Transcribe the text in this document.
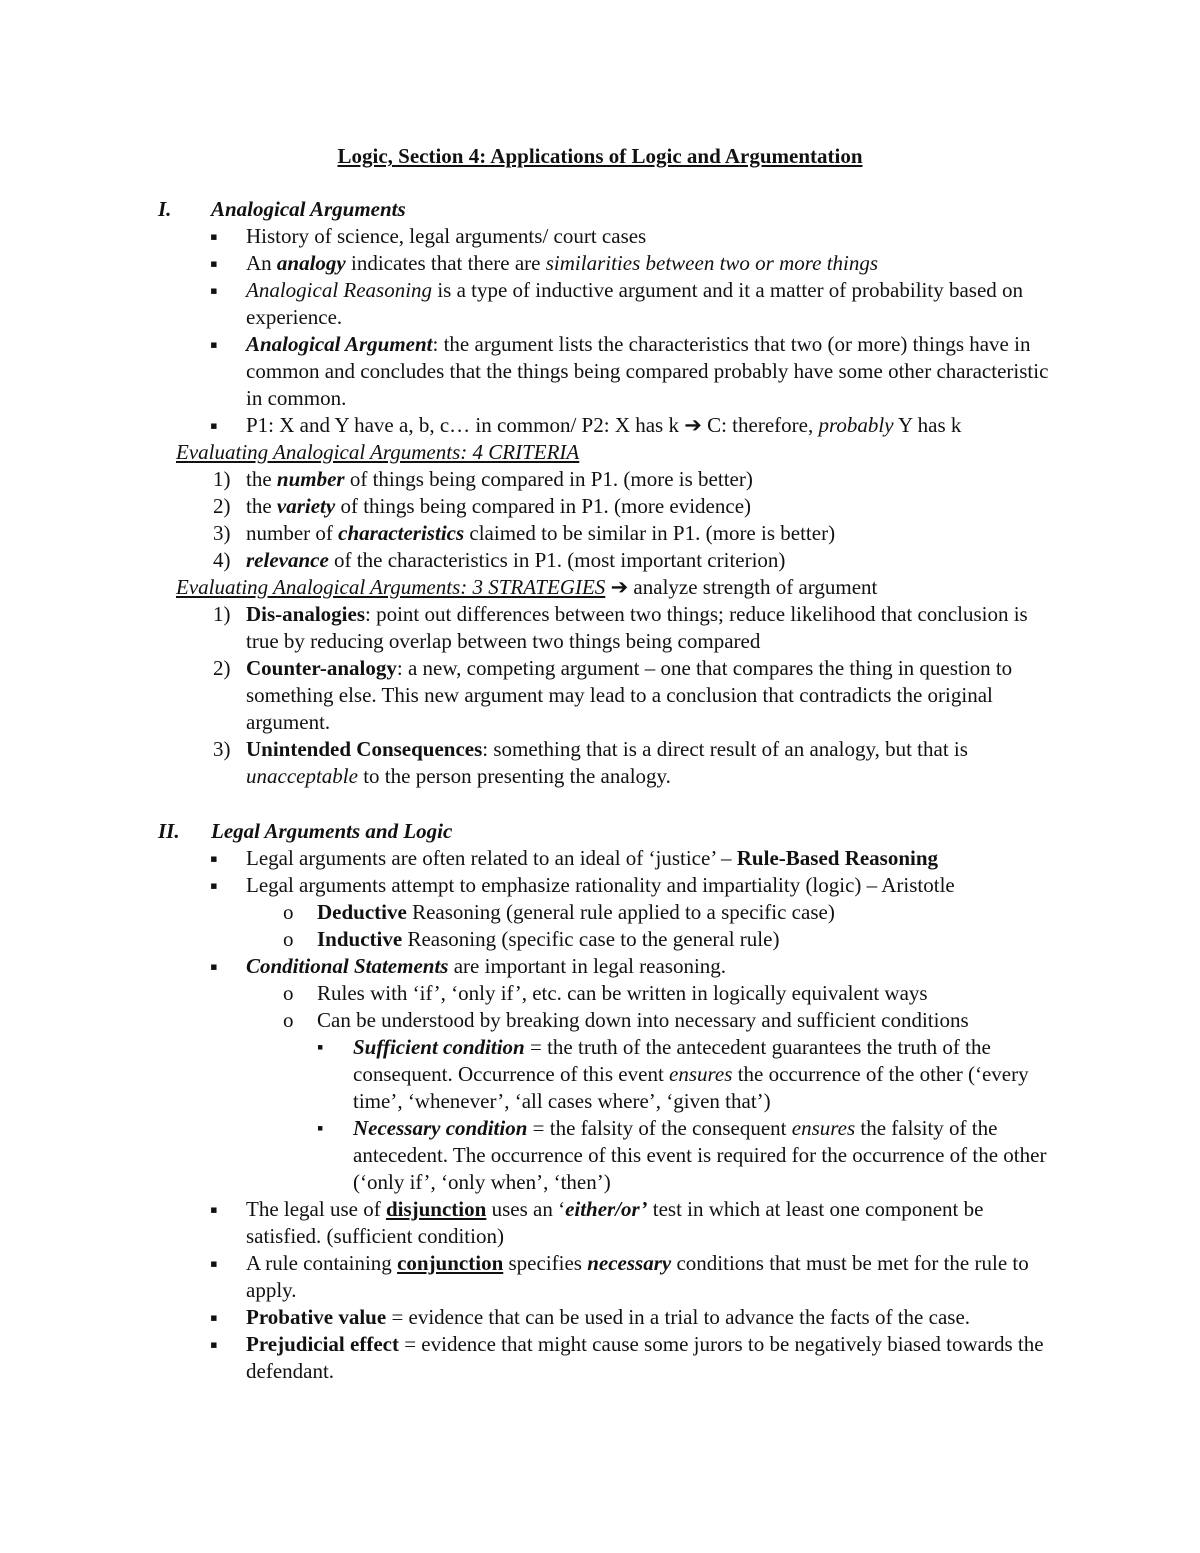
Logic, Section 4: Applications of Logic and Argumentation
I. Analogical Arguments
▪ History of science, legal arguments/ court cases
▪ An analogy indicates that there are similarities between two or more things
▪ Analogical Reasoning is a type of inductive argument and it a matter of probability based on experience.
▪ Analogical Argument: the argument lists the characteristics that two (or more) things have in common and concludes that the things being compared probably have some other characteristic in common.
▪ P1: X and Y have a, b, c… in common/ P2: X has k ➔ C: therefore, probably Y has k
Evaluating Analogical Arguments: 4 CRITERIA
1) the number of things being compared in P1. (more is better)
2) the variety of things being compared in P1. (more evidence)
3) number of characteristics claimed to be similar in P1. (more is better)
4) relevance of the characteristics in P1. (most important criterion)
Evaluating Analogical Arguments: 3 STRATEGIES ➔ analyze strength of argument
1) Dis-analogies: point out differences between two things; reduce likelihood that conclusion is true by reducing overlap between two things being compared
2) Counter-analogy: a new, competing argument – one that compares the thing in question to something else. This new argument may lead to a conclusion that contradicts the original argument.
3) Unintended Consequences: something that is a direct result of an analogy, but that is unacceptable to the person presenting the analogy.
II. Legal Arguments and Logic
▪ Legal arguments are often related to an ideal of ‘justice’ – Rule-Based Reasoning
▪ Legal arguments attempt to emphasize rationality and impartiality (logic) – Aristotle
o Deductive Reasoning (general rule applied to a specific case)
o Inductive Reasoning (specific case to the general rule)
▪ Conditional Statements are important in legal reasoning.
o Rules with ‘if’, ‘only if’, etc. can be written in logically equivalent ways
o Can be understood by breaking down into necessary and sufficient conditions
▪ Sufficient condition = the truth of the antecedent guarantees the truth of the consequent. Occurrence of this event ensures the occurrence of the other (‘every time’, ‘whenever’, ‘all cases where’, ‘given that’)
▪ Necessary condition = the falsity of the consequent ensures the falsity of the antecedent. The occurrence of this event is required for the occurrence of the other (‘only if’, ‘only when’, ‘then’)
▪ The legal use of disjunction uses an ‘either/or’ test in which at least one component be satisfied. (sufficient condition)
▪ A rule containing conjunction specifies necessary conditions that must be met for the rule to apply.
▪ Probative value = evidence that can be used in a trial to advance the facts of the case.
▪ Prejudicial effect = evidence that might cause some jurors to be negatively biased towards the defendant.
